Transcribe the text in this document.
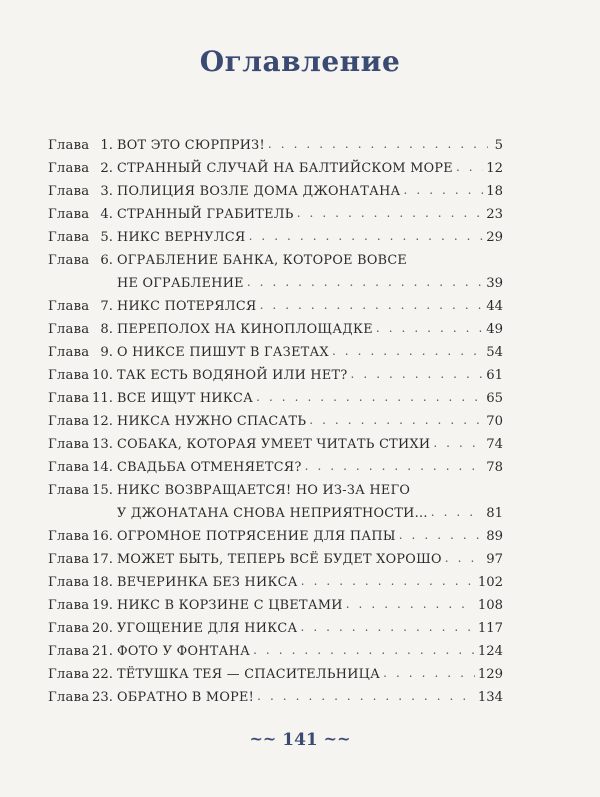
Оглавление
Глава 1. ВОТ ЭТО СЮРПРИЗ! . . .	5
Глава 2. СТРАННЫЙ СЛУЧАЙ НА БАЛТИЙСКОМ МОРЕ . . .	12
Глава 3. ПОЛИЦИЯ ВОЗЛЕ ДОМА ДЖОНАТАНА . . .	18
Глава 4. СТРАННЫЙ ГРАБИТЕЛЬ . . .	23
Глава 5. НИКС ВЕРНУЛСЯ . . .	29
Глава 6. ОГРАБЛЕНИЕ БАНКА, КОТОРОЕ ВОВСЕ
НЕ ОГРАБЛЕНИЕ . . .	39
Глава 7. НИКС ПОТЕРЯЛСЯ . . .	44
Глава 8. ПЕРЕПОЛОХ НА КИНОПЛОЩАДКЕ . . .	49
Глава 9. О НИКСЕ ПИШУТ В ГАЗЕТАХ . . .	54
Глава 10. ТАК ЕСТЬ ВОДЯНОЙ ИЛИ НЕТ? . . .	61
Глава 11. ВСЕ ИЩУТ НИКСА . . .	65
Глава 12. НИКСА НУЖНО СПАСАТЬ . . .	70
Глава 13. СОБАКА, КОТОРАЯ УМЕЕТ ЧИТАТЬ СТИХИ . . .	74
Глава 14. СВАДЬБА ОТМЕНЯЕТСЯ? . . .	78
Глава 15. НИКС ВОЗВРАЩАЕТСЯ! НО ИЗ-ЗА НЕГО
У ДЖОНАТАНА СНОВА НЕПРИЯТНОСТИ... . . .	81
Глава 16. ОГРОМНОЕ ПОТРЯСЕНИЕ ДЛЯ ПАПЫ . . .	89
Глава 17. МОЖЕТ БЫТЬ, ТЕПЕРЬ ВСЁ БУДЕТ ХОРОШО . . .	97
Глава 18. ВЕЧЕРИНКА БЕЗ НИКСА . . .	102
Глава 19. НИКС В КОРЗИНЕ С ЦВЕТАМИ . . .	108
Глава 20. УГОЩЕНИЕ ДЛЯ НИКСА . . .	117
Глава 21. ФОТО У ФОНТАНА . . .	124
Глава 22. ТЁТУШКА ТЕЯ — СПАСИТЕЛЬНИЦА . . .	129
Глава 23. ОБРАТНО В МОРЕ! . . .	134
~~ 141 ~~
